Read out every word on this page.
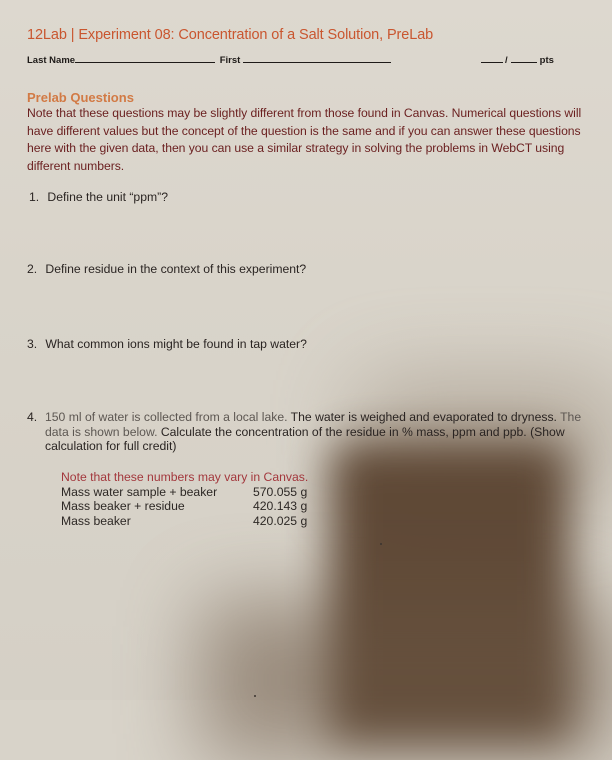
12Lab | Experiment 08: Concentration of a Salt Solution, PreLab
Last Name	First	/	pts
Prelab Questions
Note that these questions may be slightly different from those found in Canvas. Numerical questions will have different values but the concept of the question is the same and if you can answer these questions here with the given data, then you can use a similar strategy in solving the problems in WebCT using different numbers.
1. Define the unit “ppm”?
2. Define residue in the context of this experiment?
3. What common ions might be found in tap water?
4. 150 ml of water is collected from a local lake. The water is weighed and evaporated to dryness. The data is shown below. Calculate the concentration of the residue in % mass, ppm and ppb. (Show calculation for full credit)
Note that these numbers may vary in Canvas.
Mass water sample + beaker	570.055 g
Mass beaker + residue	420.143 g
Mass beaker	420.025 g
